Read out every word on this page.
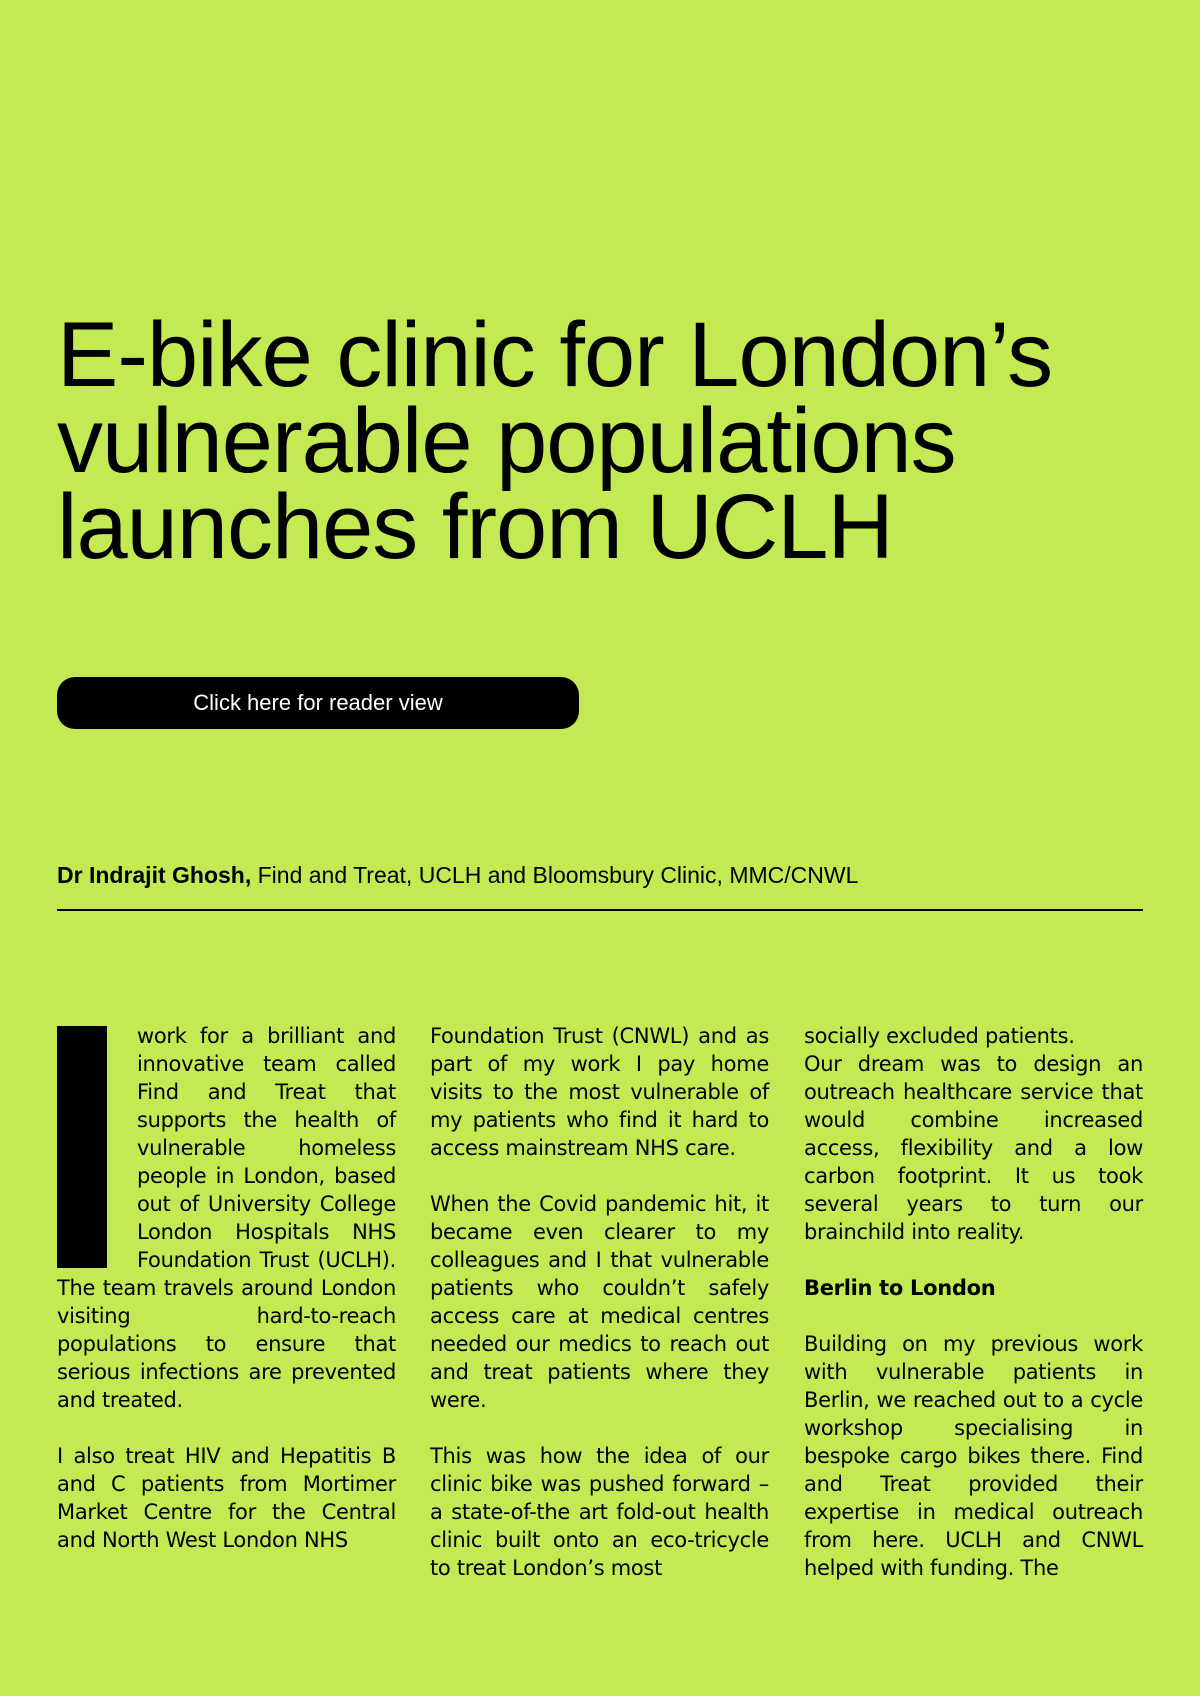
E-bike clinic for London’s
vulnerable populations
launches from UCLH
Click here for reader view
Dr Indrajit Ghosh, Find and Treat, UCLH and Bloomsbury Clinic, MMC/CNWL

work for a brilliant and innovative team called Find and Treat that supports the health of vulnerable homeless people in London, based out of University College London Hospitals NHS Foundation Trust (UCLH). The team travels around London visiting hard-to-reach populations to ensure that serious infections are prevented and treated.

I also treat HIV and Hepatitis B and C patients from Mortimer Market Centre for the Central and North West London NHS

Foundation Trust (CNWL) and as part of my work I pay home visits to the most vulnerable of my patients who find it hard to access mainstream NHS care.

When the Covid pandemic hit, it became even clearer to my colleagues and I that vulnerable patients who couldn’t safely access care at medical centres needed our medics to reach out and treat patients where they were.

This was how the idea of our clinic bike was pushed forward – a state-of-the art fold-out health clinic built onto an eco-tricycle to treat London’s most

socially excluded patients.

Our dream was to design an outreach healthcare service that would combine increased access, flexibility and a low carbon footprint. It us took several years to turn our brainchild into reality.

Berlin to London

Building on my previous work with vulnerable patients in Berlin, we reached out to a cycle workshop specialising in bespoke cargo bikes there. Find and Treat provided their expertise in medical outreach from here. UCLH and CNWL helped with funding. The
